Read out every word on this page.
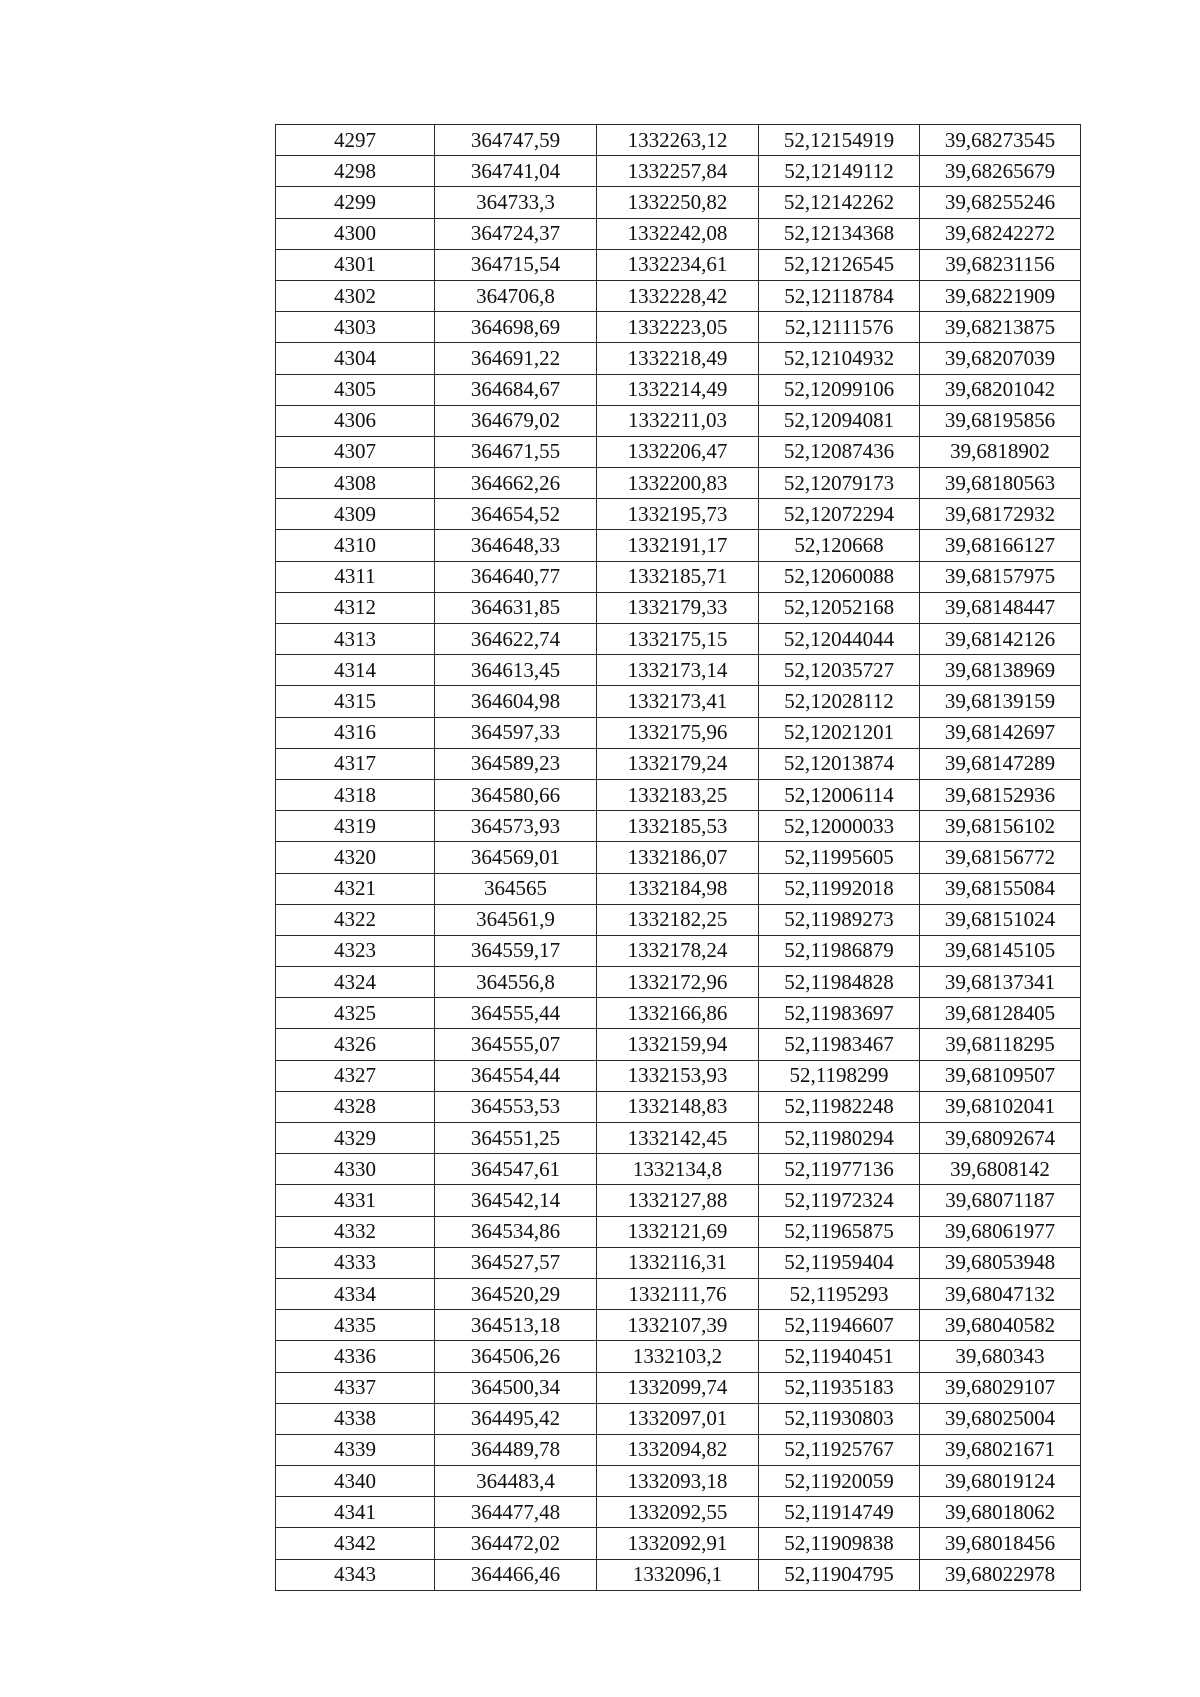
4297	364747,59	1332263,12	52,12154919	39,68273545
4298	364741,04	1332257,84	52,12149112	39,68265679
4299	364733,3	1332250,82	52,12142262	39,68255246
4300	364724,37	1332242,08	52,12134368	39,68242272
4301	364715,54	1332234,61	52,12126545	39,68231156
4302	364706,8	1332228,42	52,12118784	39,68221909
4303	364698,69	1332223,05	52,12111576	39,68213875
4304	364691,22	1332218,49	52,12104932	39,68207039
4305	364684,67	1332214,49	52,12099106	39,68201042
4306	364679,02	1332211,03	52,12094081	39,68195856
4307	364671,55	1332206,47	52,12087436	39,6818902
4308	364662,26	1332200,83	52,12079173	39,68180563
4309	364654,52	1332195,73	52,12072294	39,68172932
4310	364648,33	1332191,17	52,120668	39,68166127
4311	364640,77	1332185,71	52,12060088	39,68157975
4312	364631,85	1332179,33	52,12052168	39,68148447
4313	364622,74	1332175,15	52,12044044	39,68142126
4314	364613,45	1332173,14	52,12035727	39,68138969
4315	364604,98	1332173,41	52,12028112	39,68139159
4316	364597,33	1332175,96	52,12021201	39,68142697
4317	364589,23	1332179,24	52,12013874	39,68147289
4318	364580,66	1332183,25	52,12006114	39,68152936
4319	364573,93	1332185,53	52,12000033	39,68156102
4320	364569,01	1332186,07	52,11995605	39,68156772
4321	364565	1332184,98	52,11992018	39,68155084
4322	364561,9	1332182,25	52,11989273	39,68151024
4323	364559,17	1332178,24	52,11986879	39,68145105
4324	364556,8	1332172,96	52,11984828	39,68137341
4325	364555,44	1332166,86	52,11983697	39,68128405
4326	364555,07	1332159,94	52,11983467	39,68118295
4327	364554,44	1332153,93	52,1198299	39,68109507
4328	364553,53	1332148,83	52,11982248	39,68102041
4329	364551,25	1332142,45	52,11980294	39,68092674
4330	364547,61	1332134,8	52,11977136	39,6808142
4331	364542,14	1332127,88	52,11972324	39,68071187
4332	364534,86	1332121,69	52,11965875	39,68061977
4333	364527,57	1332116,31	52,11959404	39,68053948
4334	364520,29	1332111,76	52,1195293	39,68047132
4335	364513,18	1332107,39	52,11946607	39,68040582
4336	364506,26	1332103,2	52,11940451	39,680343
4337	364500,34	1332099,74	52,11935183	39,68029107
4338	364495,42	1332097,01	52,11930803	39,68025004
4339	364489,78	1332094,82	52,11925767	39,68021671
4340	364483,4	1332093,18	52,11920059	39,68019124
4341	364477,48	1332092,55	52,11914749	39,68018062
4342	364472,02	1332092,91	52,11909838	39,68018456
4343	364466,46	1332096,1	52,11904795	39,68022978
